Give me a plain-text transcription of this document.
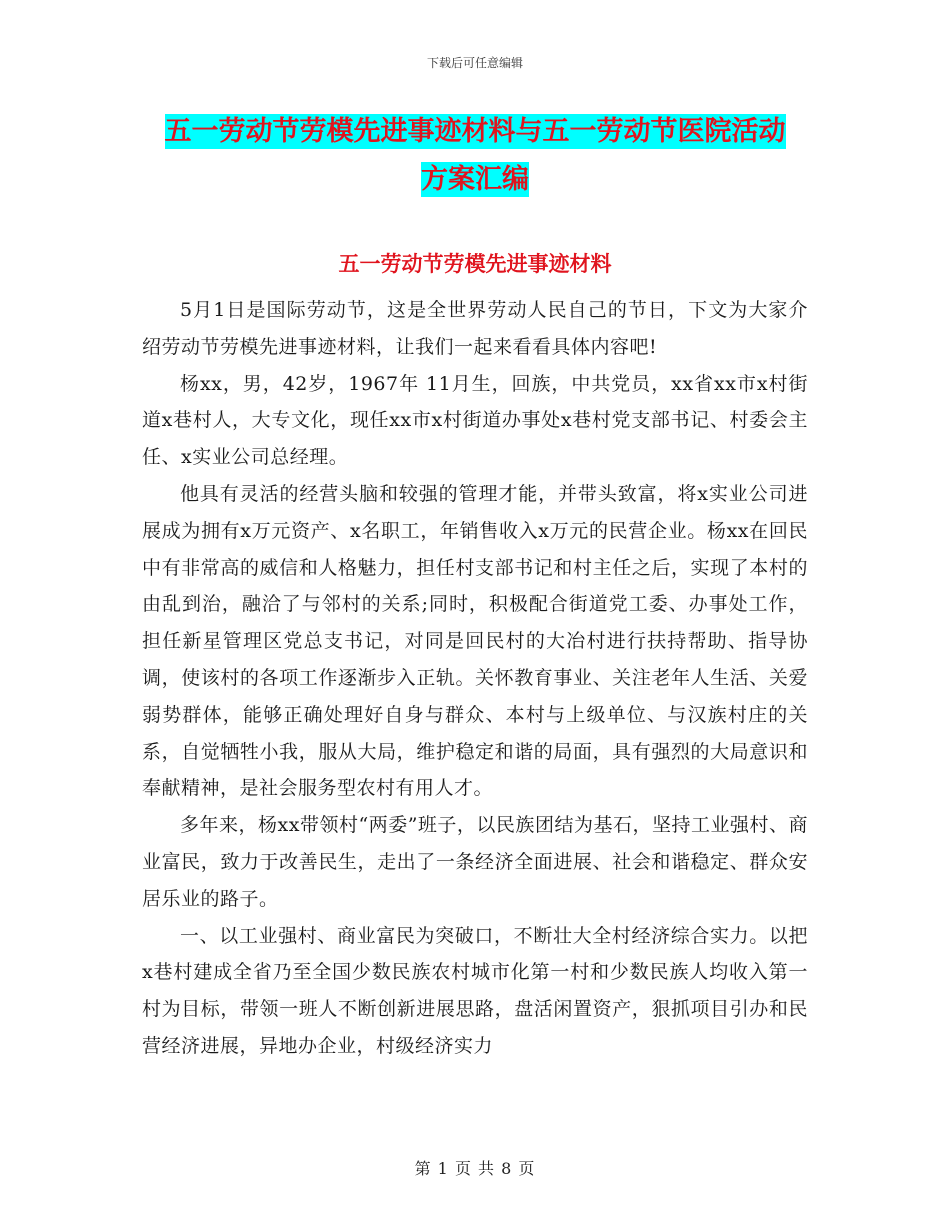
下载后可任意编辑
五一劳动节劳模先进事迹材料与五一劳动节医院活动
方案汇编
五一劳动节劳模先进事迹材料

5月1日是国际劳动节，这是全世界劳动人民自己的节日，下文为大家介绍劳动节劳模先进事迹材料，让我们一起来看看具体内容吧!

杨xx，男，42岁，1967年 11月生，回族，中共党员，xx省xx市x村街道x巷村人，大专文化，现任xx市x村街道办事处x巷村党支部书记、村委会主任、x实业公司总经理。

他具有灵活的经营头脑和较强的管理才能，并带头致富，将x实业公司进展成为拥有x万元资产、x名职工，年销售收入x万元的民营企业。杨xx在回民中有非常高的威信和人格魅力，担任村支部书记和村主任之后，实现了本村的由乱到治，融洽了与邻村的关系;同时，积极配合街道党工委、办事处工作，担任新星管理区党总支书记，对同是回民村的大冶村进行扶持帮助、指导协调，使该村的各项工作逐渐步入正轨。关怀教育事业、关注老年人生活、关爱弱势群体，能够正确处理好自身与群众、本村与上级单位、与汉族村庄的关系，自觉牺牲小我，服从大局，维护稳定和谐的局面，具有强烈的大局意识和奉献精神，是社会服务型农村有用人才。

多年来，杨xx带领村“两委”班子，以民族团结为基石，坚持工业强村、商业富民，致力于改善民生，走出了一条经济全面进展、社会和谐稳定、群众安居乐业的路子。

一、以工业强村、商业富民为突破口，不断壮大全村经济综合实力。以把x巷村建成全省乃至全国少数民族农村城市化第一村和少数民族人均收入第一村为目标，带领一班人不断创新进展思路，盘活闲置资产，狠抓项目引办和民营经济进展，异地办企业，村级经济实力

第 1 页 共 8 页
